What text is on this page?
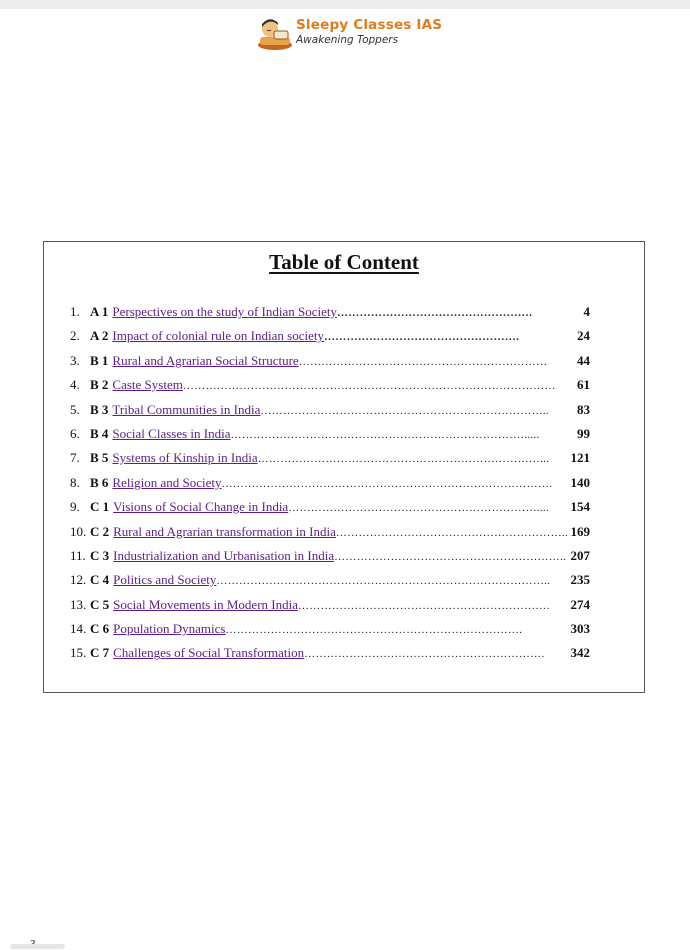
Sleepy Classes IAS
Awakening Toppers
Table of Content
1. A 1 Perspectives on the study of Indian Society …………………………………………….	4
2. A 2 Impact of colonial rule on Indian society …………………………………………….	24
3. B 1 Rural and Agrarian Social Structure …………………………………………………………	44
4. B 2 Caste System ………………………………………………………………………………………	61
5. B 3 Tribal Communities in India …………………………………………………………………..	83
6. B 4 Social Classes in India …………………………………………………………………….....	99
7. B 5 Systems of Kinship in India …………………………………………………………………...	121
8. B 6 Religion and Society …………………………………………………………………………….	140
9. C 1 Visions of Social Change in India …………………………………………………………....	154
10. C 2 Rural and Agrarian transformation in India …………………………………………………….. 169
11. C 3 Industrialization and Urbanisation in India …………………………………………………….. 207
12. C 4 Politics and Society ……………………………………………………………………………..	235
13. C 5 Social Movements in Modern India ………………………………………………………….	274
14. C 6 Population Dynamics …………………………………………………………………….	303
15. C 7 Challenges of Social Transformation ……………………………………………………….	342
